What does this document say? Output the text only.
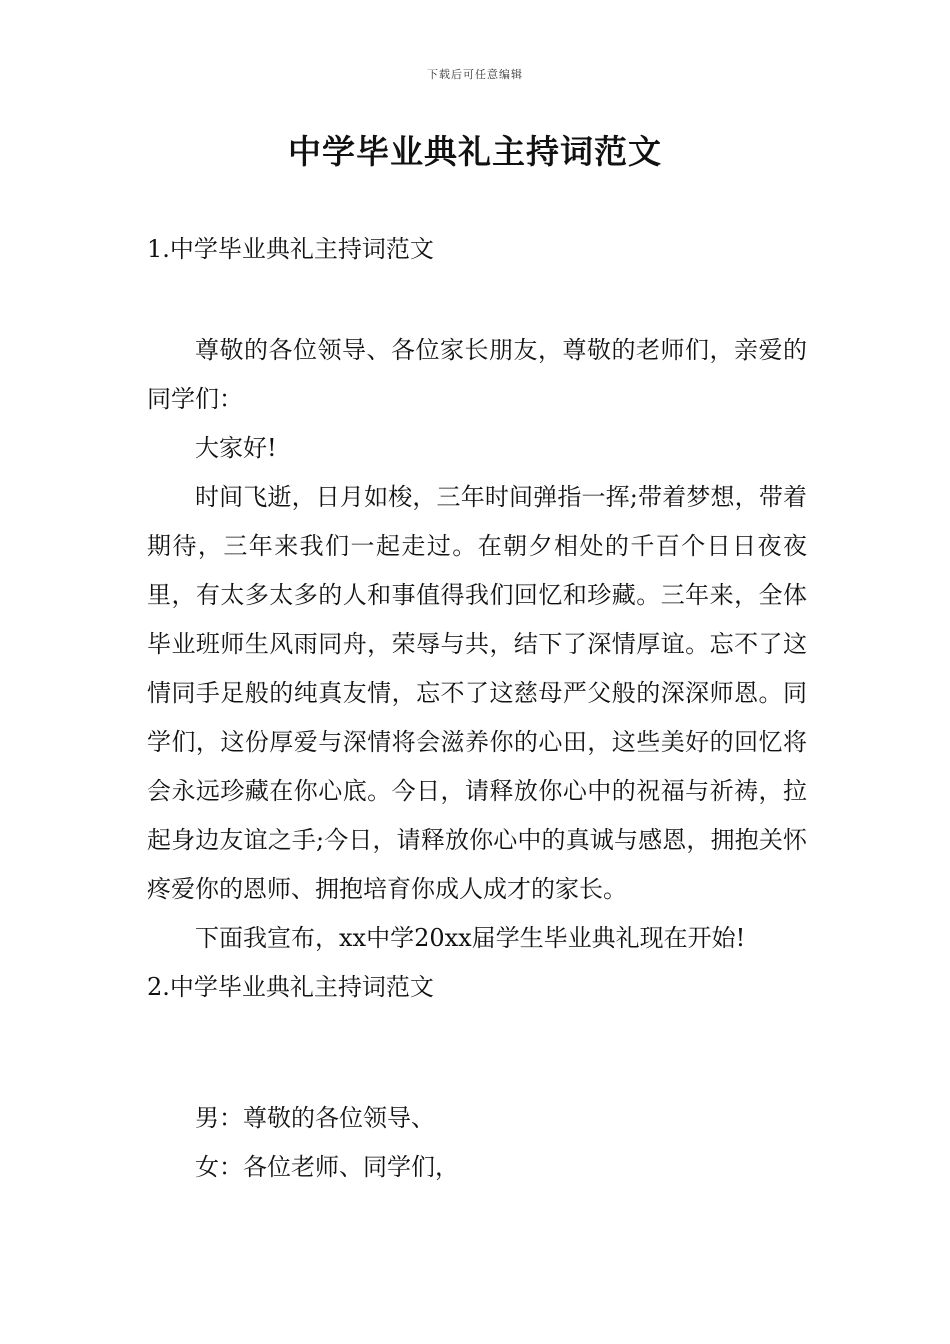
下载后可任意编辑
中学毕业典礼主持词范文

1.中学毕业典礼主持词范文

尊敬的各位领导、各位家长朋友，尊敬的老师们，亲爱的同学们：

大家好!

时间飞逝，日月如梭，三年时间弹指一挥;带着梦想，带着期待，三年来我们一起走过。在朝夕相处的千百个日日夜夜里，有太多太多的人和事值得我们回忆和珍藏。三年来，全体毕业班师生风雨同舟，荣辱与共，结下了深情厚谊。忘不了这情同手足般的纯真友情，忘不了这慈母严父般的深深师恩。同学们，这份厚爱与深情将会滋养你的心田，这些美好的回忆将会永远珍藏在你心底。今日，请释放你心中的祝福与祈祷，拉起身边友谊之手;今日，请释放你心中的真诚与感恩，拥抱关怀疼爱你的恩师、拥抱培育你成人成才的家长。

下面我宣布，xx中学20xx届学生毕业典礼现在开始!

2.中学毕业典礼主持词范文

男：尊敬的各位领导、

女：各位老师、同学们，
